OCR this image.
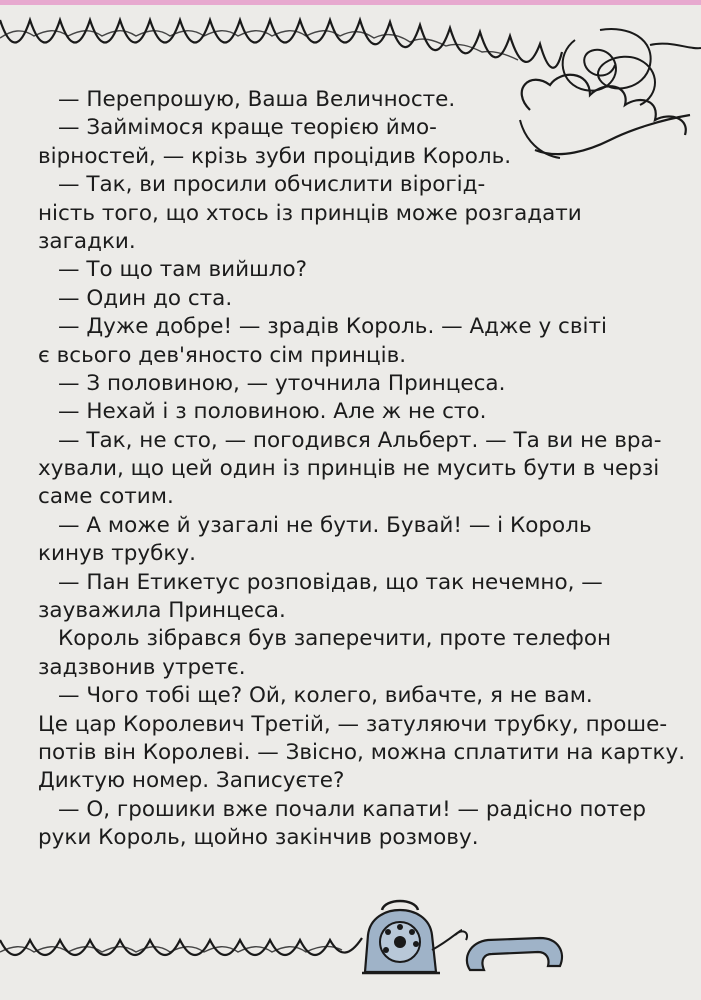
— Перепрошую, Ваша Величносте.
— Займімося краще теорією ймо-
вірностей, — крізь зуби процідив Король.
— Так, ви просили обчислити вірогід-
ність того, що хтось із принців може розгадати
загадки.
— То що там вийшло?
— Один до ста.
— Дуже добре! — зрадів Король. — Адже у світі
є всього дев'яносто сім принців.
— З половиною, — уточнила Принцеса.
— Нехай і з половиною. Але ж не сто.
— Так, не сто, — погодився Альберт. — Та ви не вра-
хували, що цей один із принців не мусить бути в черзі
саме сотим.
— А може й узагалі не бути. Бувай! — і Король
кинув трубку.
— Пан Етикетус розповідав, що так нечемно, —
зауважила Принцеса.
Король зібрався був заперечити, проте телефон
задзвонив утретє.
— Чого тобі ще? Ой, колего, вибачте, я не вам.
Це цар Королевич Третій, — затуляючи трубку, проше-
потів він Королеві. — Звісно, можна сплатити на картку.
Диктую номер. Записуєте?
— О, грошики вже почали капати! — радісно потер
руки Король, щойно закінчив розмову.
